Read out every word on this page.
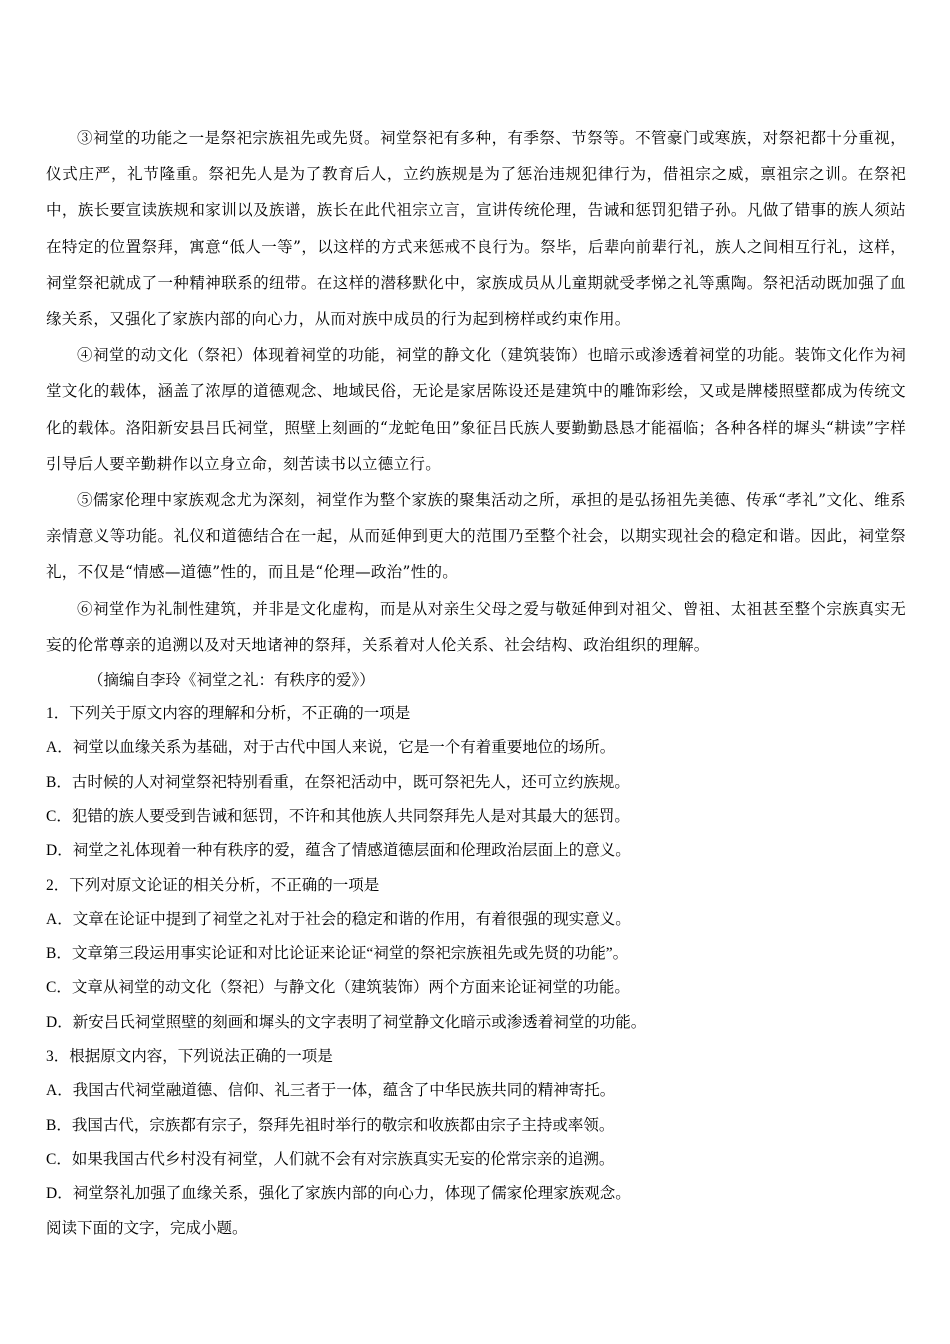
③祠堂的功能之一是祭祀宗族祖先或先贤。祠堂祭祀有多种，有季祭、节祭等。不管豪门或寒族，对祭祀都十分重视，仪式庄严，礼节隆重。祭祀先人是为了教育后人，立约族规是为了惩治违规犯律行为，借祖宗之威，禀祖宗之训。在祭祀中，族长要宣读族规和家训以及族谱，族长在此代祖宗立言，宣讲传统伦理，告诫和惩罚犯错子孙。凡做了错事的族人须站在特定的位置祭拜，寓意“低人一等”，以这样的方式来惩戒不良行为。祭毕，后辈向前辈行礼，族人之间相互行礼，这样，祠堂祭祀就成了一种精神联系的纽带。在这样的潜移默化中，家族成员从儿童期就受孝悌之礼等熏陶。祭祀活动既加强了血缘关系，又强化了家族内部的向心力，从而对族中成员的行为起到榜样或约束作用。

④祠堂的动文化（祭祀）体现着祠堂的功能，祠堂的静文化（建筑装饰）也暗示或渗透着祠堂的功能。装饰文化作为祠堂文化的载体，涵盖了浓厚的道德观念、地域民俗，无论是家居陈设还是建筑中的雕饰彩绘，又或是牌楼照壁都成为传统文化的载体。洛阳新安县吕氏祠堂，照壁上刻画的“龙蛇龟田”象征吕氏族人要勤勤恳恳才能福临；各种各样的墀头“耕读”字样引导后人要辛勤耕作以立身立命，刻苦读书以立德立行。

⑤儒家伦理中家族观念尤为深刻，祠堂作为整个家族的聚集活动之所，承担的是弘扬祖先美德、传承“孝礼”文化、维系亲情意义等功能。礼仪和道德结合在一起，从而延伸到更大的范围乃至整个社会，以期实现社会的稳定和谐。因此，祠堂祭礼，不仅是“情感—道德”性的，而且是“伦理—政治”性的。

⑥祠堂作为礼制性建筑，并非是文化虚构，而是从对亲生父母之爱与敬延伸到对祖父、曾祖、太祖甚至整个宗族真实无妄的伦常尊亲的追溯以及对天地诸神的祭拜，关系着对人伦关系、社会结构、政治组织的理解。

（摘编自李玲《祠堂之礼：有秩序的爱》）

1．下列关于原文内容的理解和分析，不正确的一项是

A．祠堂以血缘关系为基础，对于古代中国人来说，它是一个有着重要地位的场所。

B．古时候的人对祠堂祭祀特别看重，在祭祀活动中，既可祭祀先人，还可立约族规。

C．犯错的族人要受到告诫和惩罚，不许和其他族人共同祭拜先人是对其最大的惩罚。

D．祠堂之礼体现着一种有秩序的爱，蕴含了情感道德层面和伦理政治层面上的意义。

2．下列对原文论证的相关分析，不正确的一项是

A．文章在论证中提到了祠堂之礼对于社会的稳定和谐的作用，有着很强的现实意义。

B．文章第三段运用事实论证和对比论证来论证“祠堂的祭祀宗族祖先或先贤的功能”。

C．文章从祠堂的动文化（祭祀）与静文化（建筑装饰）两个方面来论证祠堂的功能。

D．新安吕氏祠堂照壁的刻画和墀头的文字表明了祠堂静文化暗示或渗透着祠堂的功能。

3．根据原文内容，下列说法正确的一项是

A．我国古代祠堂融道德、信仰、礼三者于一体，蕴含了中华民族共同的精神寄托。

B．我国古代，宗族都有宗子，祭拜先祖时举行的敬宗和收族都由宗子主持或率领。

C．如果我国古代乡村没有祠堂，人们就不会有对宗族真实无妄的伦常宗亲的追溯。

D．祠堂祭礼加强了血缘关系，强化了家族内部的向心力，体现了儒家伦理家族观念。

阅读下面的文字，完成小题。
